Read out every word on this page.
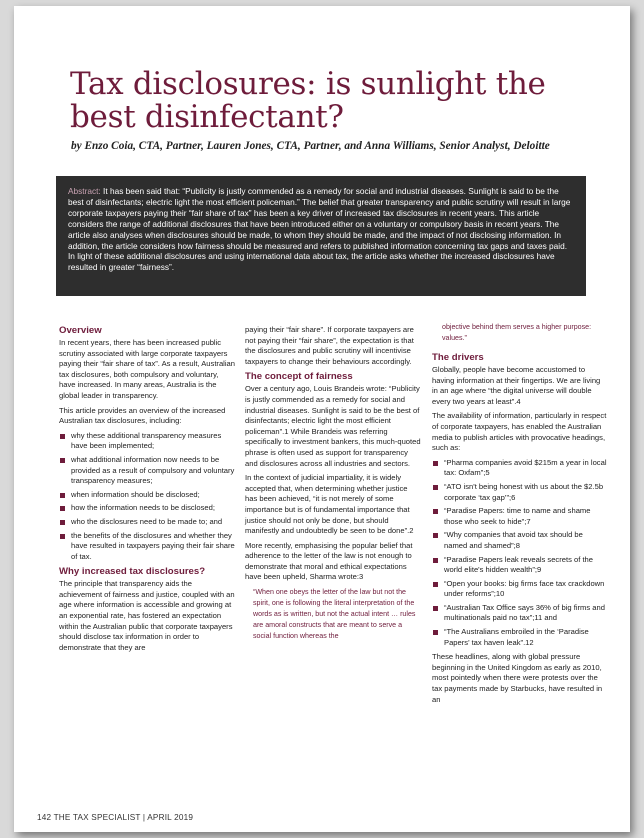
Tax disclosures: is sunlight the best disinfectant?

by Enzo Coia, CTA, Partner, Lauren Jones, CTA, Partner, and Anna Williams, Senior Analyst, Deloitte

Abstract: It has been said that: “Publicity is justly commended as a remedy for social and industrial diseases. Sunlight is said to be the best of disinfectants; electric light the most efficient policeman.” The belief that greater transparency and public scrutiny will result in large corporate taxpayers paying their “fair share of tax” has been a key driver of increased tax disclosures in recent years. This article considers the range of additional disclosures that have been introduced either on a voluntary or compulsory basis in recent years. The article also analyses when disclosures should be made, to whom they should be made, and the impact of not disclosing information. In addition, the article considers how fairness should be measured and refers to published information concerning tax gaps and taxes paid. In light of these additional disclosures and using international data about tax, the article asks whether the increased disclosures have resulted in greater “fairness”.
Overview

In recent years, there has been increased public scrutiny associated with large corporate taxpayers paying their “fair share of tax”. As a result, Australian tax disclosures, both compulsory and voluntary, have increased. In many areas, Australia is the global leader in transparency.

This article provides an overview of the increased Australian tax disclosures, including:

why these additional transparency measures have been implemented;
what additional information now needs to be provided as a result of compulsory and voluntary transparency measures;
when information should be disclosed;
how the information needs to be disclosed;
who the disclosures need to be made to; and
the benefits of the disclosures and whether they have resulted in taxpayers paying their fair share of tax.
Why increased tax disclosures?

The principle that transparency aids the achievement of fairness and justice, coupled with an age where information is accessible and growing at an exponential rate, has fostered an expectation within the Australian public that corporate taxpayers should disclose tax information in order to demonstrate that they are

paying their “fair share”. If corporate taxpayers are not paying their “fair share”, the expectation is that the disclosures and public scrutiny will incentivise taxpayers to change their behaviours accordingly.

The concept of fairness

Over a century ago, Louis Brandeis wrote: “Publicity is justly commended as a remedy for social and industrial diseases. Sunlight is said to be the best of disinfectants; electric light the most efficient policeman”.1 While Brandeis was referring specifically to investment bankers, this much-quoted phrase is often used as support for transparency and disclosures across all industries and sectors.

In the context of judicial impartiality, it is widely accepted that, when determining whether justice has been achieved, “it is not merely of some importance but is of fundamental importance that justice should not only be done, but should manifestly and undoubtedly be seen to be done”.2

More recently, emphasising the popular belief that adherence to the letter of the law is not enough to demonstrate that moral and ethical expectations have been upheld, Sharma wrote:3

“When one obeys the letter of the law but not the spirit, one is following the literal interpretation of the words as is written, but not the actual intent … rules are amoral constructs that are meant to serve a social function whereas the

objective behind them serves a higher purpose: values.”

The drivers

Globally, people have become accustomed to having information at their fingertips. We are living in an age where “the digital universe will double every two years at least”.4

The availability of information, particularly in respect of corporate taxpayers, has enabled the Australian media to publish articles with provocative headings, such as:

“Pharma companies avoid $215m a year in local tax: Oxfam”;5
“ATO isn't being honest with us about the $2.5b corporate ‘tax gap’”;6
“Paradise Papers: time to name and shame those who seek to hide”;7
“Why companies that avoid tax should be named and shamed”;8
“Paradise Papers leak reveals secrets of the world elite's hidden wealth”;9
“Open your books: big firms face tax crackdown under reforms”;10
“Australian Tax Office says 36% of big firms and multinationals paid no tax”;11 and
“The Australians embroiled in the ‘Paradise Papers’ tax haven leak”.12

These headlines, along with global pressure beginning in the United Kingdom as early as 2010, most pointedly when there were protests over the tax payments made by Starbucks, have resulted in an

142 THE TAX SPECIALIST | APRIL 2019
